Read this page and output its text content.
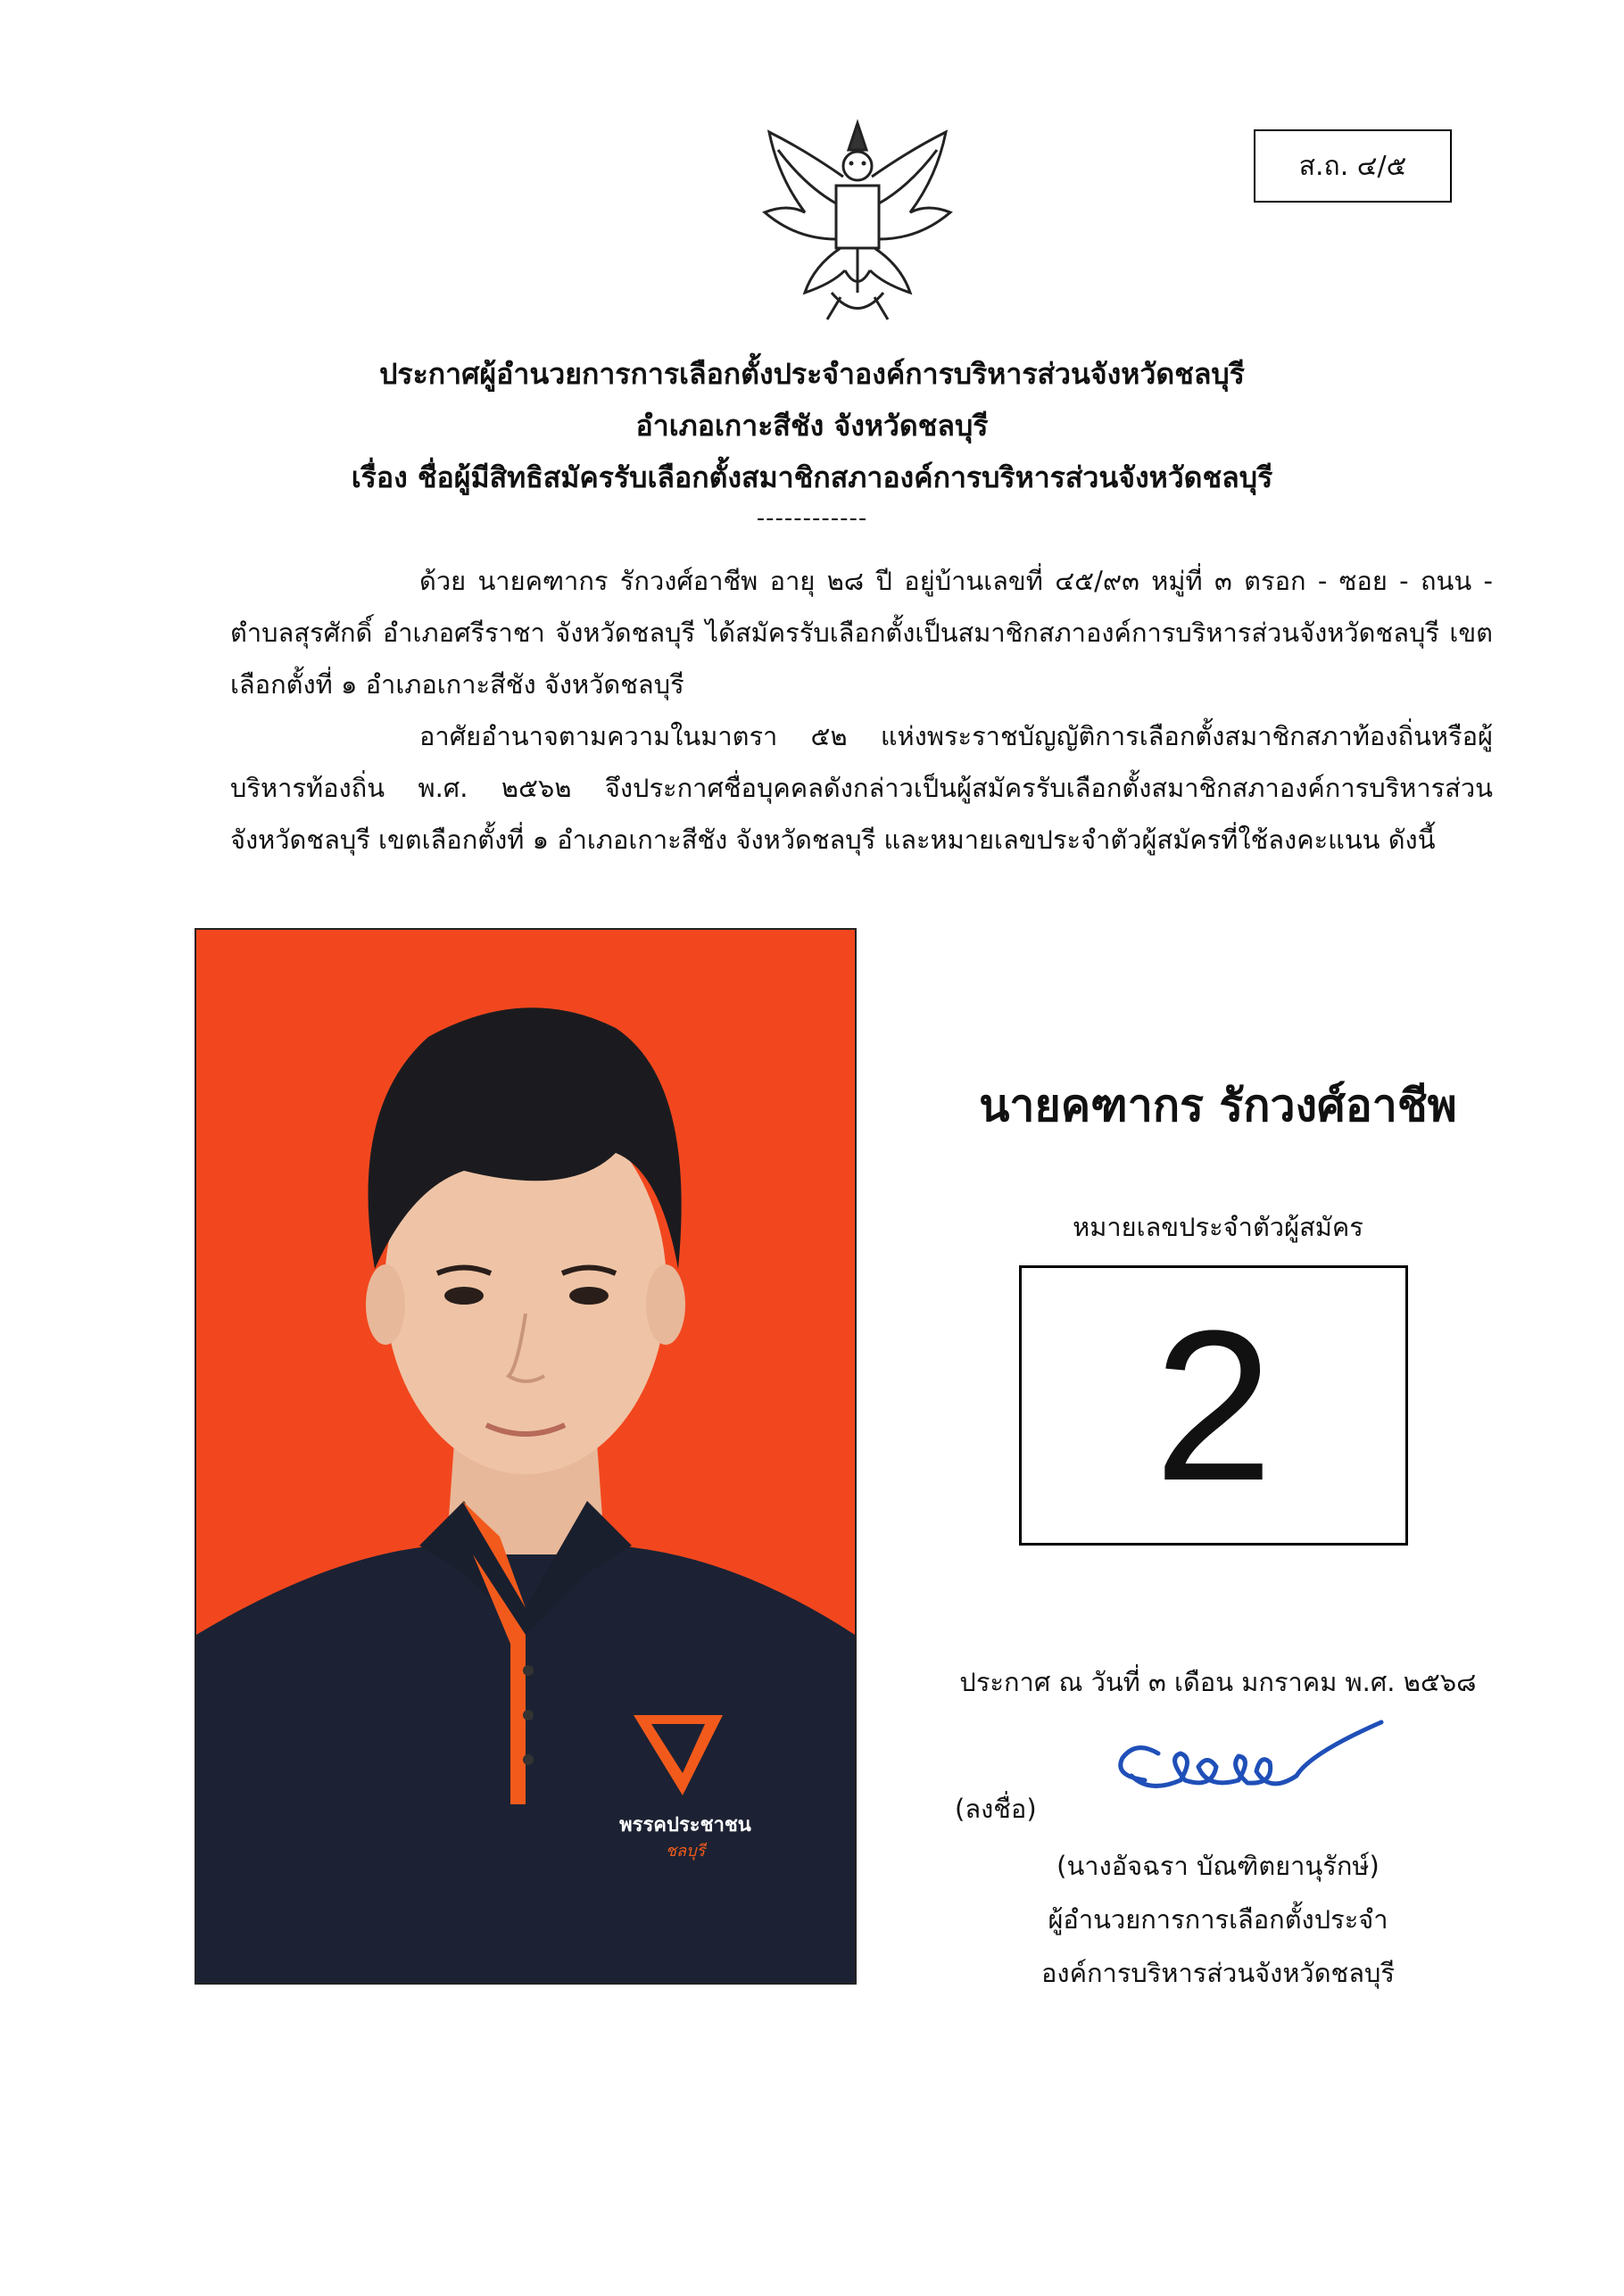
ส.ถ. ๔/๕
ประกาศผู้อำนวยการการเลือกตั้งประจำองค์การบริหารส่วนจังหวัดชลบุรี
อำเภอเกาะสีชัง จังหวัดชลบุรี
เรื่อง ชื่อผู้มีสิทธิสมัครรับเลือกตั้งสมาชิกสภาองค์การบริหารส่วนจังหวัดชลบุรี
------------
ด้วย นายคฑากร รักวงศ์อาชีพ อายุ ๒๘ ปี อยู่บ้านเลขที่ ๔๕/๙๓ หมู่ที่ ๓ ตรอก - ซอย - ถนน - ตำบลสุรศักดิ์ อำเภอศรีราชา จังหวัดชลบุรี ได้สมัครรับเลือกตั้งเป็นสมาชิกสภาองค์การบริหารส่วนจังหวัดชลบุรี เขตเลือกตั้งที่ ๑ อำเภอเกาะสีชัง จังหวัดชลบุรี
อาศัยอำนาจตามความในมาตรา ๕๒ แห่งพระราชบัญญัติการเลือกตั้งสมาชิกสภาท้องถิ่นหรือผู้บริหารท้องถิ่น พ.ศ. ๒๕๖๒ จึงประกาศชื่อบุคคลดังกล่าวเป็นผู้สมัครรับเลือกตั้งสมาชิกสภาองค์การบริหารส่วนจังหวัดชลบุรี เขตเลือกตั้งที่ ๑ อำเภอเกาะสีชัง จังหวัดชลบุรี และหมายเลขประจำตัวผู้สมัครที่ใช้ลงคะแนน ดังนี้
พรรคประชาชน
ชลบุรี
นายคฑากร รักวงศ์อาชีพ
หมายเลขประจำตัวผู้สมัคร
2
ประกาศ ณ วันที่ ๓ เดือน มกราคม พ.ศ. ๒๕๖๘
(ลงชื่อ)
(นางอัจฉรา บัณฑิตยานุรักษ์)
ผู้อำนวยการการเลือกตั้งประจำ
องค์การบริหารส่วนจังหวัดชลบุรี
